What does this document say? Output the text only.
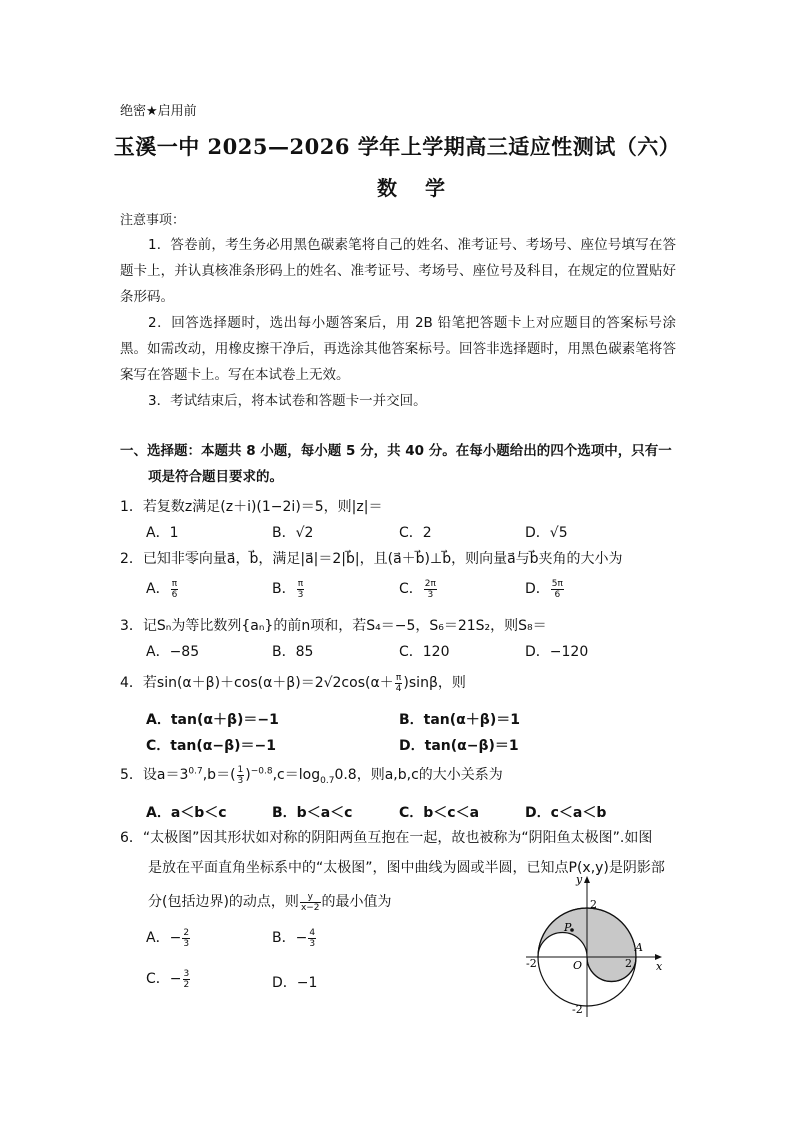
绝密★启用前
玉溪一中 2025—2026 学年上学期高三适应性测试（六）
数学
注意事项：
1．答卷前，考生务必用黑色碳素笔将自己的姓名、准考证号、考场号、座位号填写在答题卡上，并认真核准条形码上的姓名、准考证号、考场号、座位号及科目，在规定的位置贴好条形码。
2．回答选择题时，选出每小题答案后，用 2B 铅笔把答题卡上对应题目的答案标号涂黑。如需改动，用橡皮擦干净后，再选涂其他答案标号。回答非选择题时，用黑色碳素笔将答案写在答题卡上。写在本试卷上无效。
3．考试结束后，将本试卷和答题卡一并交回。
一、选择题：本题共 8 小题，每小题 5 分，共 40 分。在每小题给出的四个选项中，只有一
项是符合题目要求的。
1．若复数z满足(z＋i)(1−2i)＝5，则|z|＝
A．1	B．√2	C．2	D．√5
2．已知非零向量a⃗，b⃗，满足|a⃗|＝2|b⃗|，且(a⃗＋b⃗)⊥b⃗，则向量a⃗与b⃗夹角的大小为
A． $\frac{\pi}{6}$	B． $\frac{\pi}{3}$	C． $\frac{2\pi}{3}$	D． $\frac{5\pi}{6}$
3．记Sₙ为等比数列{aₙ}的前n项和，若S₄＝−5，S₆＝21S₂，则S₈＝
A．−85	B．85	C．120	D．−120
4．若$\sin(\alpha+\beta)+\cos(\alpha+\beta)=2√2\cos(\alpha+ \frac{\pi}{4} )\sin\beta$，则
A．tan(α＋β)＝−1	B．tan(α＋β)＝1
C．tan(α−β)＝−1	D．tan(α−β)＝1
5．设$a=3^{0.7},b=( \frac{1}{3} )^{-0.8},c=\log_{0.7}0.8$，则a,b,c的大小关系为
A．a＜b＜c	B．b＜a＜c	C．b＜c＜a	D．c＜a＜b
6．“太极图”因其形状如对称的阴阳两鱼互抱在一起，故也被称为“阴阳鱼太极图”.如图
是放在平面直角坐标系中的“太极图”，图中曲线为圆或半圆，已知点P(x,y)是阴影部
分(包括边界)的动点，则 $\frac{y}{x-2}$ 的最小值为
A．− $\frac{2}{3}$	B．− $\frac{4}{3}$
C．− $\frac{3}{2}$	D．−1
P
y
x
O
A
2
-2	2
-2
